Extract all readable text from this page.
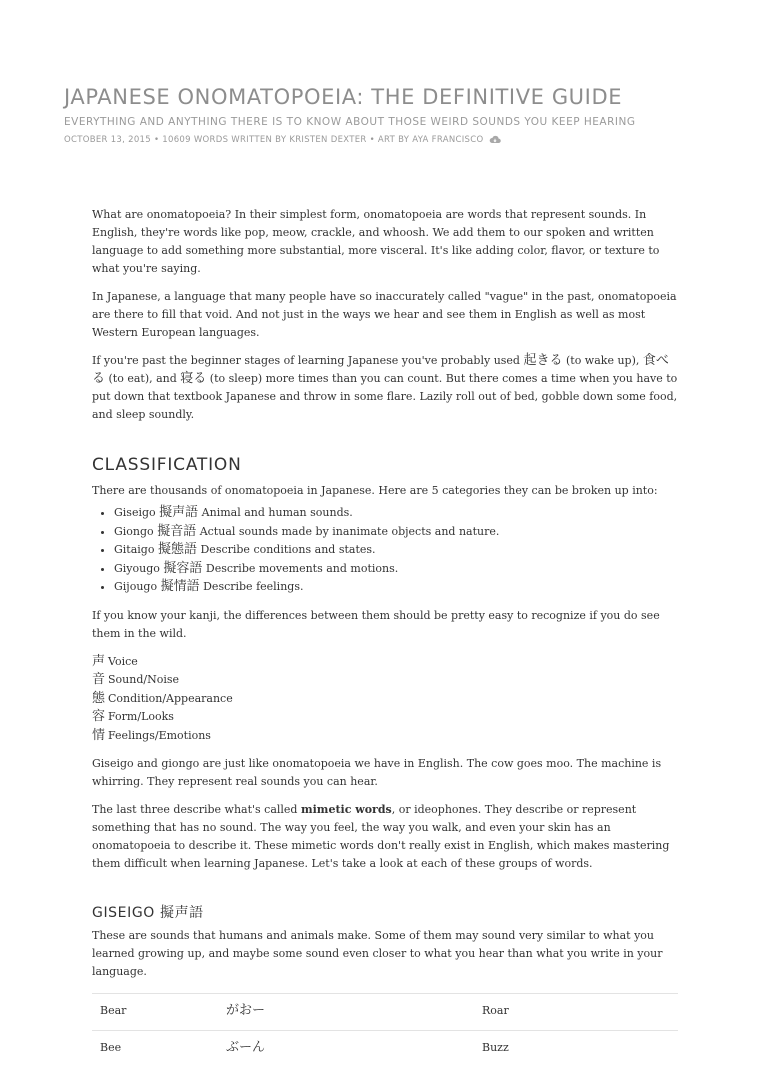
JAPANESE ONOMATOPOEIA: THE DEFINITIVE GUIDE
EVERYTHING AND ANYTHING THERE IS TO KNOW ABOUT THOSE WEIRD SOUNDS YOU KEEP HEARING
OCTOBER 13, 2015 • 10609 WORDS WRITTEN BY KRISTEN DEXTER • ART BY AYA FRANCISCO

What are onomatopoeia? In their simplest form, onomatopoeia are words that represent sounds. In English, they're words like pop, meow, crackle, and whoosh. We add them to our spoken and written language to add something more substantial, more visceral. It's like adding color, flavor, or texture to what you're saying.

In Japanese, a language that many people have so inaccurately called "vague" in the past, onomatopoeia are there to fill that void. And not just in the ways we hear and see them in English as well as most Western European languages.

If you're past the beginner stages of learning Japanese you've probably used 起きる (to wake up), 食べる (to eat), and 寝る (to sleep) more times than you can count. But there comes a time when you have to put down that textbook Japanese and throw in some flare. Lazily roll out of bed, gobble down some food, and sleep soundly.

CLASSIFICATION

There are thousands of onomatopoeia in Japanese. Here are 5 categories they can be broken up into:

• Giseigo 擬声語 Animal and human sounds.
• Giongo 擬音語 Actual sounds made by inanimate objects and nature.
• Gitaigo 擬態語 Describe conditions and states.
• Giyougo 擬容語 Describe movements and motions.
• Gijougo 擬情語 Describe feelings.

If you know your kanji, the differences between them should be pretty easy to recognize if you do see them in the wild.

声 Voice
音 Sound/Noise
態 Condition/Appearance
容 Form/Looks
情 Feelings/Emotions

Giseigo and giongo are just like onomatopoeia we have in English. The cow goes moo. The machine is whirring. They represent real sounds you can hear.

The last three describe what's called mimetic words, or ideophones. They describe or represent something that has no sound. The way you feel, the way you walk, and even your skin has an onomatopoeia to describe it. These mimetic words don't really exist in English, which makes mastering them difficult when learning Japanese. Let's take a look at each of these groups of words.

GISEIGO 擬声語

These are sounds that humans and animals make. Some of them may sound very similar to what you learned growing up, and maybe some sound even closer to what you hear than what you write in your language.

Bear	がおー	Roar
Bee	ぶーん	Buzz
